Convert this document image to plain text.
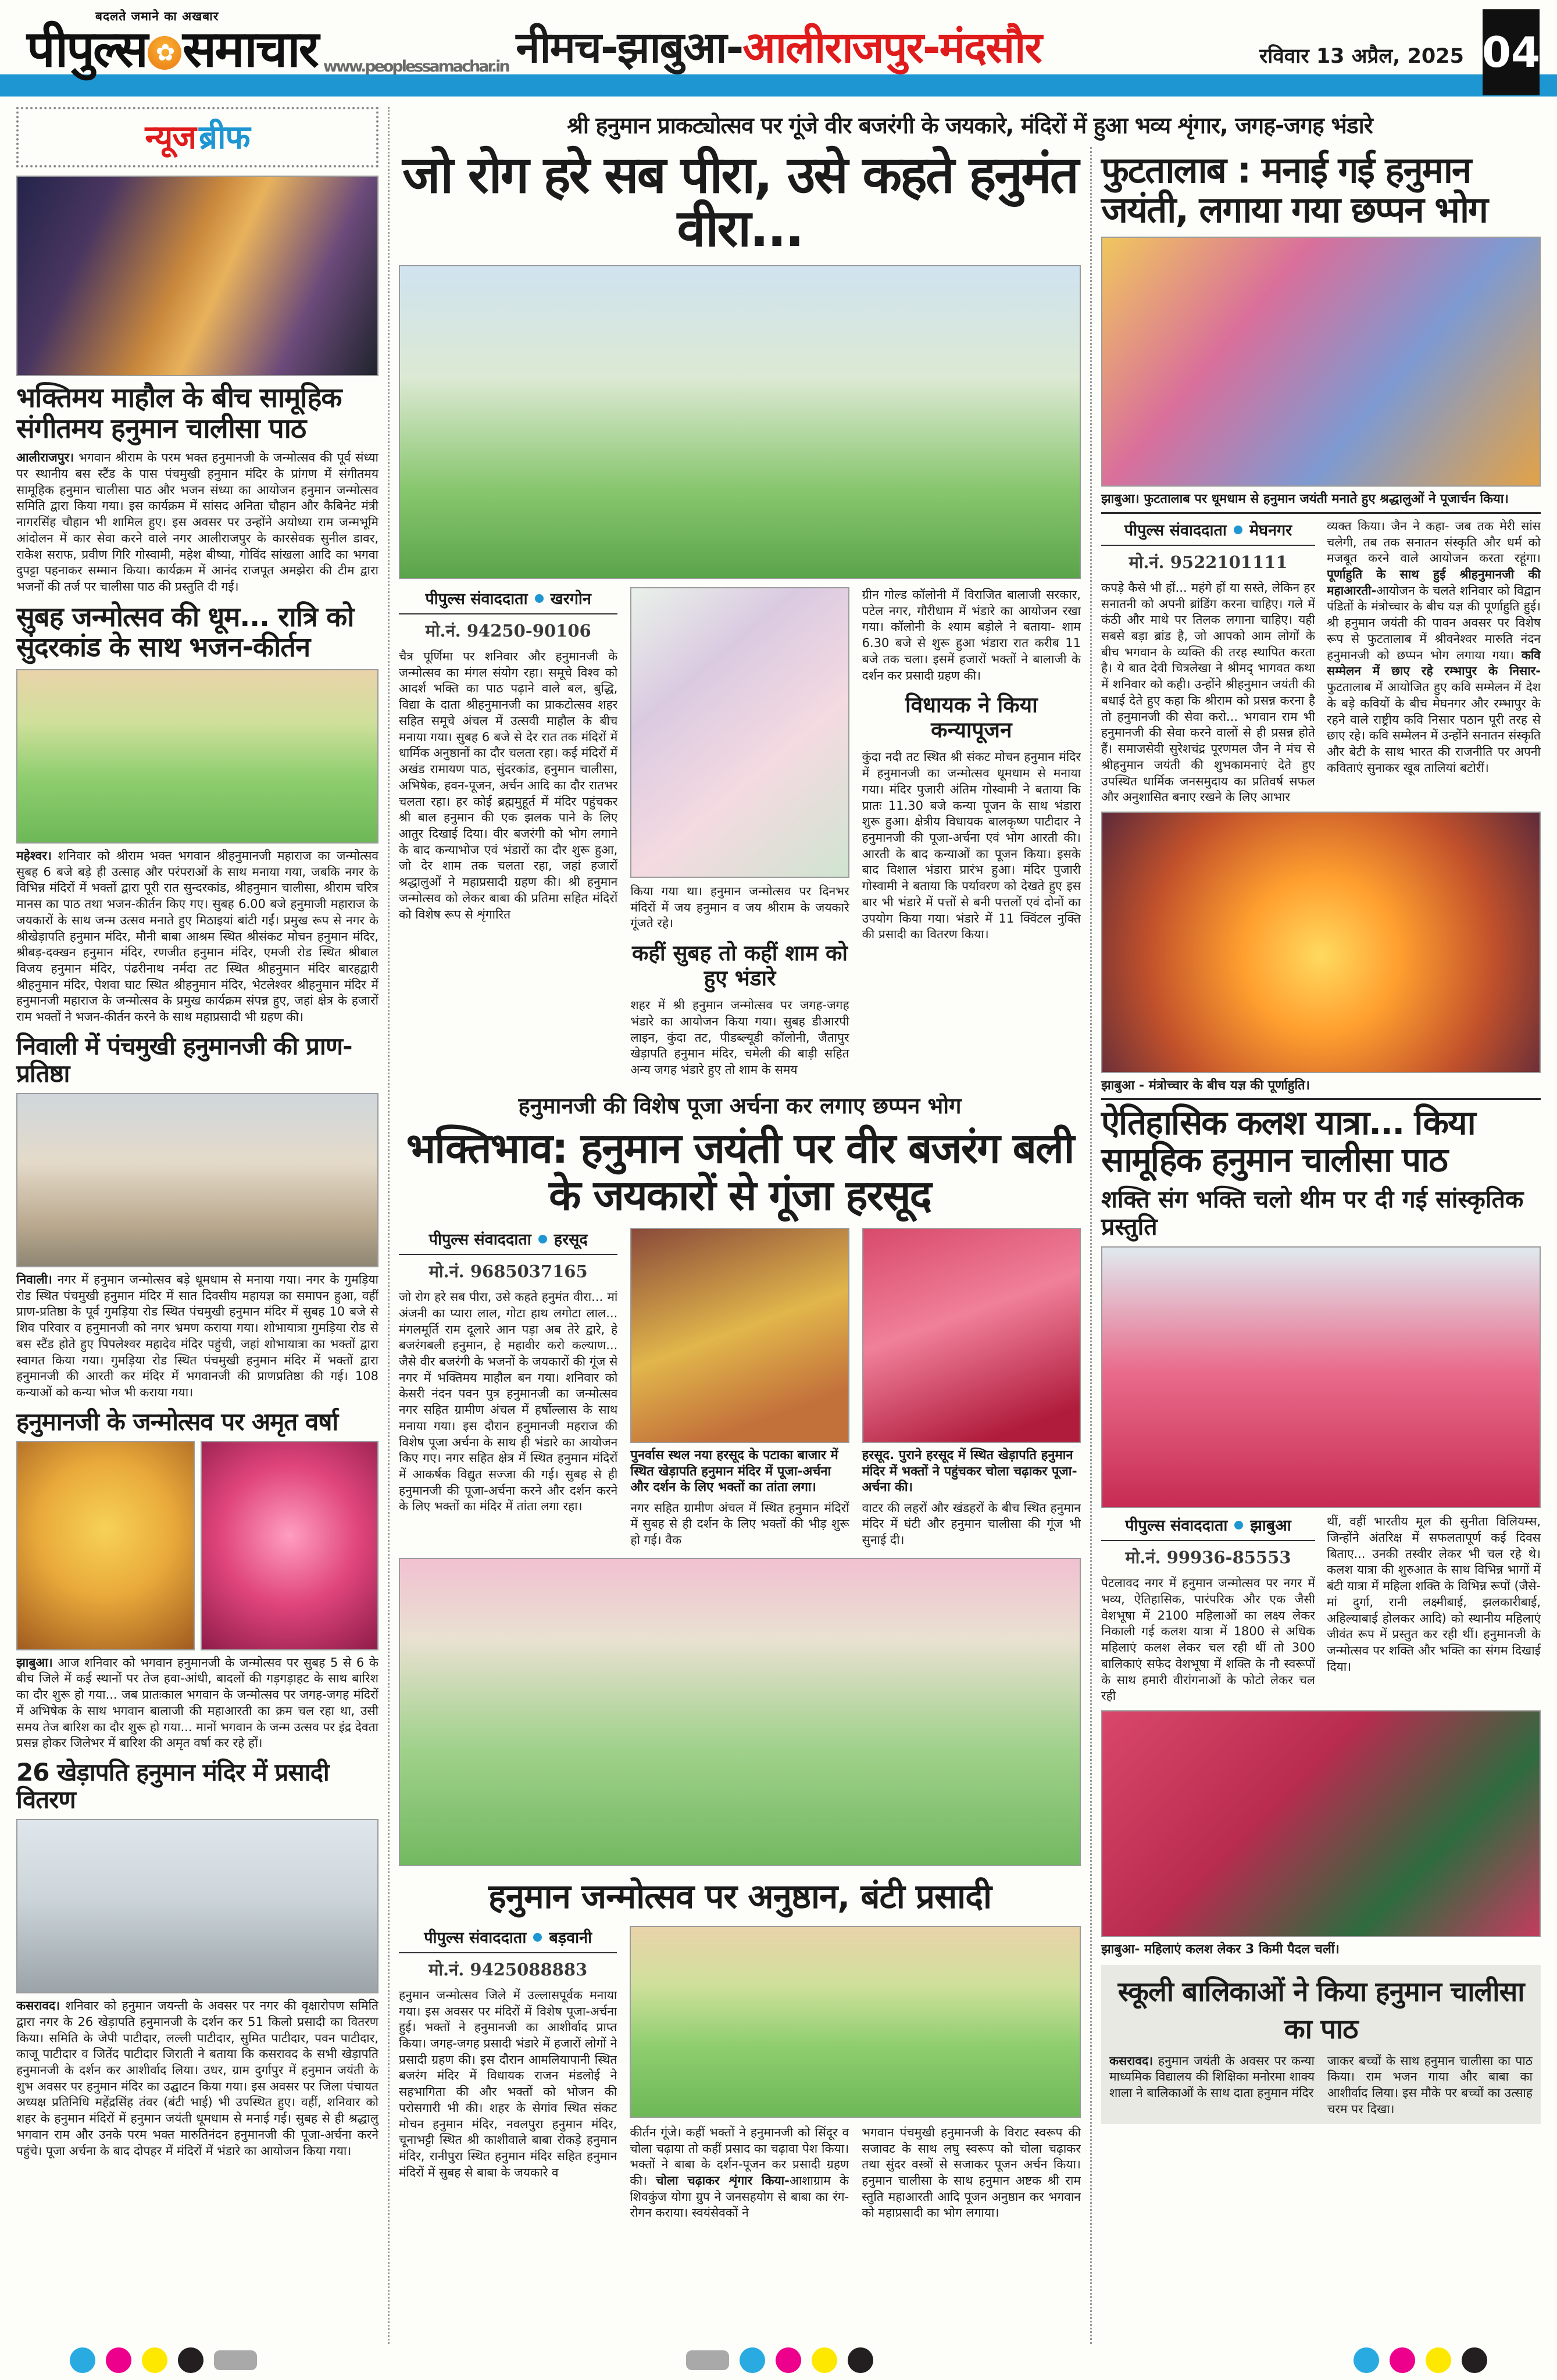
बदलते जमाने का अखबार
पीपुल्स ✿ समाचार www.peoplessamachar.in नीमच-झाबुआ-आलीराजपुर-मंदसौर	रविवार 13 अप्रैल, 2025 04
न्यूज ब्रीफ
भक्तिमय माहौल के बीच सामूहिक संगीतमय हनुमान चालीसा पाठ
आलीराजपुर। भगवान श्रीराम के परम भक्त हनुमानजी के जन्मोत्सव की पूर्व संध्या पर स्थानीय बस स्टैंड के पास पंचमुखी हनुमान मंदिर के प्रांगण में संगीतमय सामूहिक हनुमान चालीसा पाठ और भजन संध्या का आयोजन हनुमान जन्मोत्सव समिति द्वारा किया गया। इस कार्यक्रम में सांसद अनिता चौहान और कैबिनेट मंत्री नागरसिंह चौहान भी शामिल हुए। इस अवसर पर उन्होंने अयोध्या राम जन्मभूमि आंदोलन में कार सेवा करने वाले नगर आलीराजपुर के कारसेवक सुनील डावर, राकेश सराफ, प्रवीण गिरि गोस्वामी, महेश बीष्या, गोविंद सांखला आदि का भगवा दुपट्टा पहनाकर सम्मान किया। कार्यक्रम में आनंद राजपूत अमझेरा की टीम द्वारा भजनों की तर्ज पर चालीसा पाठ की प्रस्तुति दी गई।
सुबह जन्मोत्सव की धूम... रात्रि को सुंदरकांड के साथ भजन-कीर्तन
महेश्वर। शनिवार को श्रीराम भक्त भगवान श्रीहनुमानजी महाराज का जन्मोत्सव सुबह 6 बजे बड़े ही उत्साह और परंपराओं के साथ मनाया गया, जबकि नगर के विभिन्न मंदिरों में भक्तों द्वारा पूरी रात सुन्दरकांड, श्रीहनुमान चालीसा, श्रीराम चरित्र मानस का पाठ तथा भजन-कीर्तन किए गए। सुबह 6.00 बजे हनुमाजी महाराज के जयकारों के साथ जन्म उत्सव मनाते हुए मिठाइयां बांटी गईं। प्रमुख रूप से नगर के श्रीखेड़ापति हनुमान मंदिर, मौनी बाबा आश्रम स्थित श्रीसंकट मोचन हनुमान मंदिर, श्रीबड़-दक्खन हनुमान मंदिर, रणजीत हनुमान मंदिर, एमजी रोड स्थित श्रीबाल विजय हनुमान मंदिर, पंढरीनाथ नर्मदा तट स्थित श्रीहनुमान मंदिर बारहद्वारी श्रीहनुमान मंदिर, पेशवा घाट स्थित श्रीहनुमान मंदिर, भेटलेश्वर श्रीहनुमान मंदिर में हनुमानजी महाराज के जन्मोत्सव के प्रमुख कार्यक्रम संपन्न हुए, जहां क्षेत्र के हजारों राम भक्तों ने भजन-कीर्तन करने के साथ महाप्रसादी भी ग्रहण की।
निवाली में पंचमुखी हनुमानजी की प्राण-प्रतिष्ठा
निवाली। नगर में हनुमान जन्मोत्सव बड़े धूमधाम से मनाया गया। नगर के गुमड़िया रोड स्थित पंचमुखी हनुमान मंदिर में सात दिवसीय महायज्ञ का समापन हुआ, वहीं प्राण-प्रतिष्ठा के पूर्व गुमड़िया रोड स्थित पंचमुखी हनुमान मंदिर में सुबह 10 बजे से शिव परिवार व हनुमानजी को नगर भ्रमण कराया गया। शोभायात्रा गुमड़िया रोड से बस स्टैंड होते हुए पिपलेश्वर महादेव मंदिर पहुंची, जहां शोभायात्रा का भक्तों द्वारा स्वागत किया गया। गुमड़िया रोड स्थित पंचमुखी हनुमान मंदिर में भक्तों द्वारा हनुमानजी की आरती कर मंदिर में भगवानजी की प्राणप्रतिष्ठा की गई। 108 कन्याओं को कन्या भोज भी कराया गया।
हनुमानजी के जन्मोत्सव पर अमृत वर्षा
झाबुआ। आज शनिवार को भगवान हनुमानजी के जन्मोत्सव पर सुबह 5 से 6 के बीच जिले में कई स्थानों पर तेज हवा-आंधी, बादलों की गड़गड़ाहट के साथ बारिश का दौर शुरू हो गया... जब प्रातःकाल भगवान के जन्मोत्सव पर जगह-जगह मंदिरों में अभिषेक के साथ भगवान बालाजी की महाआरती का क्रम चल रहा था, उसी समय तेज बारिश का दौर शुरू हो गया... मानों भगवान के जन्म उत्सव पर इंद्र देवता प्रसन्न होकर जिलेभर में बारिश की अमृत वर्षा कर रहे हों।
26 खेड़ापति हनुमान मंदिर में प्रसादी वितरण
कसरावद। शनिवार को हनुमान जयन्ती के अवसर पर नगर की वृक्षारोपण समिति द्वारा नगर के 26 खेड़ापति हनुमानजी के दर्शन कर 51 किलो प्रसादी का वितरण किया। समिति के जेपी पाटीदार, लल्ली पाटीदार, सुमित पाटीदार, पवन पाटीदार, काजू पाटीदार व जितेंद पाटीदार जिराती ने बताया कि कसरावद के सभी खेड़ापति हनुमानजी के दर्शन कर आशीर्वाद लिया। उधर, ग्राम दुर्गापुर में हनुमान जयंती के शुभ अवसर पर हनुमान मंदिर का उद्घाटन किया गया। इस अवसर पर जिला पंचायत अध्यक्ष प्रतिनिधि महेंद्रसिंह तंवर (बंटी भाई) भी उपस्थित हुए। वहीं, शनिवार को शहर के हनुमान मंदिरों में हनुमान जयंती धूमधाम से मनाई गई। सुबह से ही श्रद्धालु भगवान राम और उनके परम भक्त मारुतिनंदन हनुमानजी की पूजा-अर्चना करने पहुंचे। पूजा अर्चना के बाद दोपहर में मंदिरों में भंडारे का आयोजन किया गया।
श्री हनुमान प्राकट्योत्सव पर गूंजे वीर बजरंगी के जयकारे, मंदिरों में हुआ भव्य शृंगार, जगह-जगह भंडारे
जो रोग हरे सब पीरा, उसे कहते हनुमंत वीरा...
पीपुल्स संवाददाता खरगोन
मो.नं. 94250-90106
चैत्र पूर्णिमा पर शनिवार और हनुमानजी के जन्मोत्सव का मंगल संयोग रहा। समूचे विश्व को आदर्श भक्ति का पाठ पढ़ाने वाले बल, बुद्धि, विद्या के दाता श्रीहनुमानजी का प्राकटोत्सव शहर सहित समूचे अंचल में उत्सवी माहौल के बीच मनाया गया। सुबह 6 बजे से देर रात तक मंदिरों में धार्मिक अनुष्ठानों का दौर चलता रहा। कई मंदिरों में अखंड रामायण पाठ, सुंदरकांड, हनुमान चालीसा, अभिषेक, हवन-पूजन, अर्चन आदि का दौर रातभर चलता रहा। हर कोई ब्रह्ममुहूर्त में मंदिर पहुंचकर श्री बाल हनुमान की एक झलक पाने के लिए आतुर दिखाई दिया। वीर बजरंगी को भोग लगाने के बाद कन्याभोज एवं भंडारों का दौर शुरू हुआ, जो देर शाम तक चलता रहा, जहां हजारों श्रद्धालुओं ने महाप्रसादी ग्रहण की। श्री हनुमान जन्मोत्सव को लेकर बाबा की प्रतिमा सहित मंदिरों को विशेष रूप से शृंगारित
किया गया था। हनुमान जन्मोत्सव पर दिनभर मंदिरों में जय हनुमान व जय श्रीराम के जयकारे गूंजते रहे।
कहीं सुबह तो कहीं शाम को हुए भंडारे
शहर में श्री हनुमान जन्मोत्सव पर जगह-जगह भंडारे का आयोजन किया गया। सुबह डीआरपी लाइन, कुंदा तट, पीडब्ल्यूडी कॉलोनी, जैतापुर खेड़ापति हनुमान मंदिर, चमेली की बाड़ी सहित अन्य जगह भंडारे हुए तो शाम के समय
ग्रीन गोल्ड कॉलोनी में विराजित बालाजी सरकार, पटेल नगर, गौरीधाम में भंडारे का आयोजन रखा गया। कॉलोनी के श्याम बड़ोले ने बताया- शाम 6.30 बजे से शुरू हुआ भंडारा रात करीब 11 बजे तक चला। इसमें हजारों भक्तों ने बालाजी के दर्शन कर प्रसादी ग्रहण की।
विधायक ने किया कन्यापूजन
कुंदा नदी तट स्थित श्री संकट मोचन हनुमान मंदिर में हनुमानजी का जन्मोत्सव धूमधाम से मनाया गया। मंदिर पुजारी अंतिम गोस्वामी ने बताया कि प्रातः 11.30 बजे कन्या पूजन के साथ भंडारा शुरू हुआ। क्षेत्रीय विधायक बालकृष्ण पाटीदार ने हनुमानजी की पूजा-अर्चना एवं भोग आरती की। आरती के बाद कन्याओं का पूजन किया। इसके बाद विशाल भंडारा प्रारंभ हुआ। मंदिर पुजारी गोस्वामी ने बताया कि पर्यावरण को देखते हुए इस बार भी भंडारे में पत्तों से बनी पत्तलों एवं दोनों का उपयोग किया गया। भंडारे में 11 क्विंटल नुक्ति की प्रसादी का वितरण किया।
हनुमानजी की विशेष पूजा अर्चना कर लगाए छप्पन भोग
भक्तिभाव: हनुमान जयंती पर वीर बजरंग बली के जयकारों से गूंजा हरसूद
पीपुल्स संवाददाता हरसूद
मो.नं. 9685037165
जो रोग हरे सब पीरा, उसे कहते हनुमंत वीरा... मां अंजनी का प्यारा लाल, गोटा हाथ लगोटा लाल... मंगलमूर्ति राम दूलारे आन पड़ा अब तेरे द्वारे, हे बजरंगबली हनुमान, हे महावीर करो कल्याण... जैसे वीर बजरंगी के भजनों के जयकारों की गूंज से नगर में भक्तिमय माहौल बन गया। शनिवार को केसरी नंदन पवन पुत्र हनुमानजी का जन्मोत्सव नगर सहित ग्रामीण अंचल में हर्षोल्लास के साथ मनाया गया। इस दौरान हनुमानजी महराज की विशेष पूजा अर्चना के साथ ही भंडारे का आयोजन किए गए। नगर सहित क्षेत्र में स्थित हनुमान मंदिरों में आकर्षक विद्युत सज्जा की गई। सुबह से ही हनुमानजी की पूजा-अर्चना करने और दर्शन करने के लिए भक्तों का मंदिर में तांता लगा रहा।
पुनर्वास स्थल नया हरसूद के पटाका बाजार में स्थित खेड़ापति हनुमान मंदिर में पूजा-अर्चना और दर्शन के लिए भक्तों का तांता लगा।
नगर सहित ग्रामीण अंचल में स्थित हनुमान मंदिरों में सुबह से ही दर्शन के लिए भक्तों की भीड़ शुरू हो गई। वैक
हरसूद. पुराने हरसूद में स्थित खेड़ापति हनुमान मंदिर में भक्तों ने पहुंचकर चोला चढ़ाकर पूजा-अर्चना की।
वाटर की लहरों और खंडहरों के बीच स्थित हनुमान मंदिर में घंटी और हनुमान चालीसा की गूंज भी सुनाई दी।
हनुमान जन्मोत्सव पर अनुष्ठान, बंटी प्रसादी
पीपुल्स संवाददाता बड़वानी
मो.नं. 9425088883
हनुमान जन्मोत्सव जिले में उल्लासपूर्वक मनाया गया। इस अवसर पर मंदिरों में विशेष पूजा-अर्चना हुई। भक्तों ने हनुमानजी का आशीर्वाद प्राप्त किया। जगह-जगह प्रसादी भंडारे में हजारों लोगों ने प्रसादी ग्रहण की। इस दौरान आमलियापानी स्थित बजरंग मंदिर में विधायक राजन मंडलोई ने सहभागिता की और भक्तों को भोजन की परोसगारी भी की। शहर के सेगांव स्थित संकट मोचन हनुमान मंदिर, नवलपुरा हनुमान मंदिर, चूनाभट्टी स्थित श्री काशीवाले बाबा रोकड़े हनुमान मंदिर, रानीपुरा स्थित हनुमान मंदिर सहित हनुमान मंदिरों में सुबह से बाबा के जयकारे व
कीर्तन गूंजे। कहीं भक्तों ने हनुमानजी को सिंदूर व चोला चढ़ाया तो कहीं प्रसाद का चढ़ावा पेश किया। भक्तों ने बाबा के दर्शन-पूजन कर प्रसादी ग्रहण की। चोला चढ़ाकर शृंगार किया-आशाग्राम के शिवकुंज योगा ग्रुप ने जनसहयोग से बाबा का रंग-रोगन कराया। स्वयंसेवकों ने
भगवान पंचमुखी हनुमानजी के विराट स्वरूप की सजावट के साथ लघु स्वरूप को चोला चढ़ाकर तथा सुंदर वस्त्रों से सजाकर पूजन अर्चन किया। हनुमान चालीसा के साथ हनुमान अष्टक श्री राम स्तुति महाआरती आदि पूजन अनुष्ठान कर भगवान को महाप्रसादी का भोग लगाया।
फुटतालाब : मनाई गई हनुमान जयंती, लगाया गया छप्पन भोग
झाबुआ। फुटतालाब पर धूमधाम से हनुमान जयंती मनाते हुए श्रद्धालुओं ने पूजार्चन किया।
पीपुल्स संवाददाता मेघनगर
मो.नं. 9522101111
कपड़े कैसे भी हों... महंगे हों या सस्ते, लेकिन हर सनातनी को अपनी ब्रांडिंग करना चाहिए। गले में कंठी और माथे पर तिलक लगाना चाहिए। यही सबसे बड़ा ब्रांड है, जो आपको आम लोगों के बीच भगवान के व्यक्ति की तरह स्थापित करता है। ये बात देवी चित्रलेखा ने श्रीमद् भागवत कथा में शनिवार को कही। उन्होंने श्रीहनुमान जयंती की बधाई देते हुए कहा कि श्रीराम को प्रसन्न करना है तो हनुमानजी की सेवा करो... भगवान राम भी हनुमानजी की सेवा करने वालों से ही प्रसन्न होते हैं। समाजसेवी सुरेशचंद्र पूरणमल जैन ने मंच से श्रीहनुमान जयंती की शुभकामनाएं देते हुए उपस्थित धार्मिक जनसमुदाय का प्रतिवर्ष सफल और अनुशासित बनाए रखने के लिए आभार
व्यक्त किया। जैन ने कहा- जब तक मेरी सांस चलेगी, तब तक सनातन संस्कृति और धर्म को मजबूत करने वाले आयोजन करता रहूंगा। पूर्णाहुति के साथ हुई श्रीहनुमानजी की महाआरती-आयोजन के चलते शनिवार को विद्वान पंडितों के मंत्रोच्चार के बीच यज्ञ की पूर्णाहुति हुई। श्री हनुमान जयंती की पावन अवसर पर विशेष रूप से फुटतालाब में श्रीवनेश्वर मारुति नंदन हनुमानजी को छप्पन भोग लगाया गया। कवि सम्मेलन में छाए रहे रम्भापुर के निसार-फुटतालाब में आयोजित हुए कवि सम्मेलन में देश के बड़े कवियों के बीच मेघनगर और रम्भापुर के रहने वाले राष्ट्रीय कवि निसार पठान पूरी तरह से छाए रहे। कवि सम्मेलन में उन्होंने सनातन संस्कृति और बेटी के साथ भारत की राजनीति पर अपनी कविताएं सुनाकर खूब तालियां बटोरीं।
झाबुआ - मंत्रोच्चार के बीच यज्ञ की पूर्णाहुति।
ऐतिहासिक कलश यात्रा... किया सामूहिक हनुमान चालीसा पाठ
शक्ति संग भक्ति चलो थीम पर दी गई सांस्कृतिक प्रस्तुति
पीपुल्स संवाददाता झाबुआ
मो.नं. 99936-85553
पेटलावद नगर में हनुमान जन्मोत्सव पर नगर में भव्य, ऐतिहासिक, पारंपरिक और एक जैसी वेशभूषा में 2100 महिलाओं का लक्ष्य लेकर निकाली गई कलश यात्रा में 1800 से अधिक महिलाएं कलश लेकर चल रही थीं तो 300 बालिकाएं सफेद वेशभूषा में शक्ति के नौ स्वरूपों के साथ हमारी वीरांगनाओं के फोटो लेकर चल रही
थीं, वहीं भारतीय मूल की सुनीता विलियम्स, जिन्होंने अंतरिक्ष में सफलतापूर्ण कई दिवस बिताए... उनकी तस्वीर लेकर भी चल रहे थे। कलश यात्रा की शुरुआत के साथ विभिन्न भागों में बंटी यात्रा में महिला शक्ति के विभिन्न रूपों (जैसे- मां दुर्गा, रानी लक्ष्मीबाई, झलकारीबाई, अहिल्याबाई होलकर आदि) को स्थानीय महिलाएं जीवंत रूप में प्रस्तुत कर रही थीं। हनुमानजी के जन्मोत्सव पर शक्ति और भक्ति का संगम दिखाई दिया।
झाबुआ- महिलाएं कलश लेकर 3 किमी पैदल चलीं।
स्कूली बालिकाओं ने किया हनुमान चालीसा का पाठ
कसरावद। हनुमान जयंती के अवसर पर कन्या माध्यमिक विद्यालय की शिक्षिका मनोरमा शाक्य शाला ने बालिकाओं के साथ दाता हनुमान मंदिर
जाकर बच्चों के साथ हनुमान चालीसा का पाठ किया। राम भजन गाया और बाबा का आशीर्वाद लिया। इस मौके पर बच्चों का उत्साह चरम पर दिखा।
